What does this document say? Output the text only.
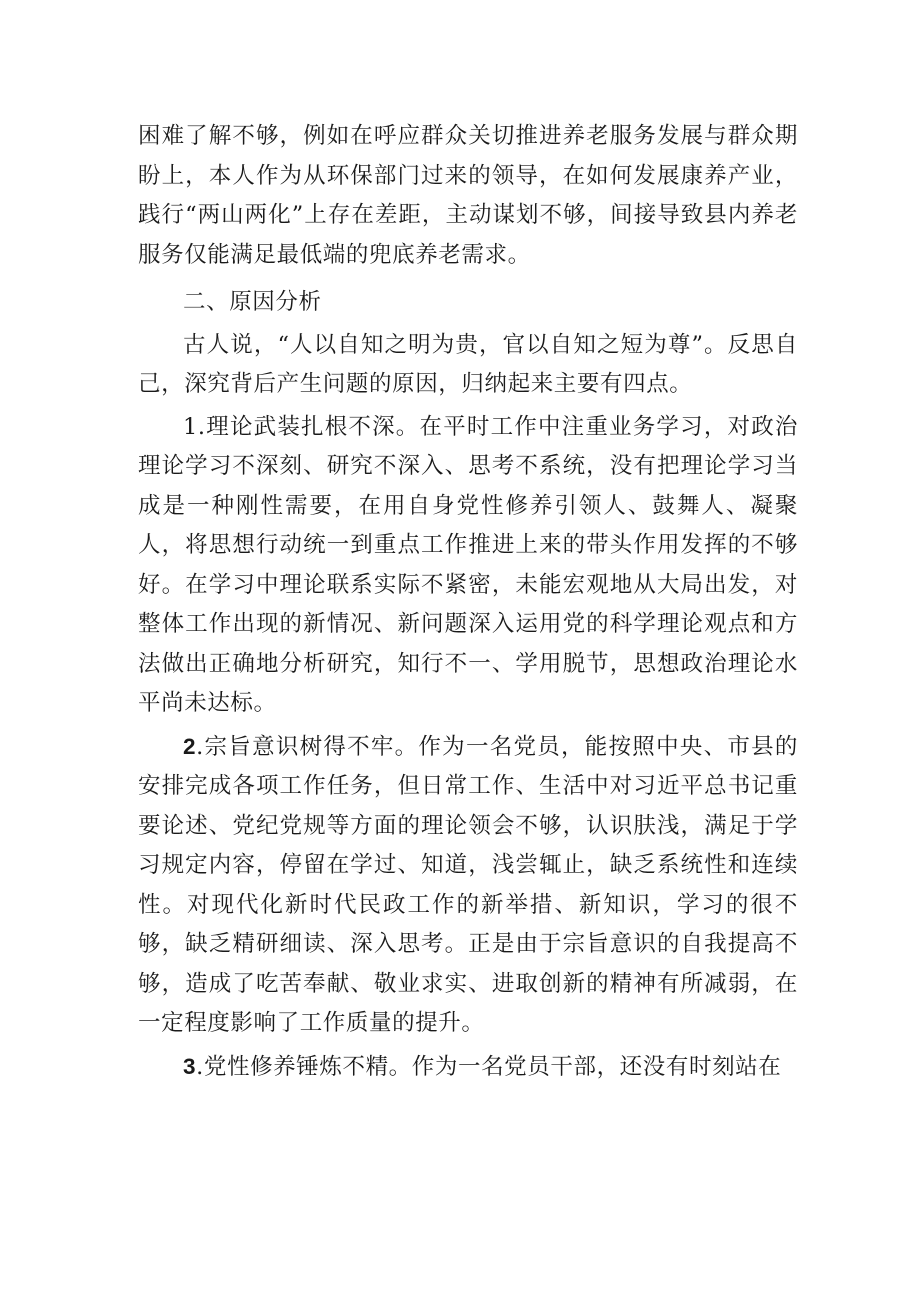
困难了解不够，例如在呼应群众关切推进养老服务发展与群众期盼上，本人作为从环保部门过来的领导，在如何发展康养产业，践行“两山两化”上存在差距，主动谋划不够，间接导致县内养老服务仅能满足最低端的兜底养老需求。

二、原因分析

古人说，“人以自知之明为贵，官以自知之短为尊”。反思自己，深究背后产生问题的原因，归纳起来主要有四点。

1.理论武装扎根不深。在平时工作中注重业务学习，对政治理论学习不深刻、研究不深入、思考不系统，没有把理论学习当成是一种刚性需要，在用自身党性修养引领人、鼓舞人、凝聚人，将思想行动统一到重点工作推进上来的带头作用发挥的不够好。在学习中理论联系实际不紧密，未能宏观地从大局出发，对整体工作出现的新情况、新问题深入运用党的科学理论观点和方法做出正确地分析研究，知行不一、学用脱节，思想政治理论水平尚未达标。

2.宗旨意识树得不牢。作为一名党员，能按照中央、市县的安排完成各项工作任务，但日常工作、生活中对习近平总书记重要论述、党纪党规等方面的理论领会不够，认识肤浅，满足于学习规定内容，停留在学过、知道，浅尝辄止，缺乏系统性和连续性。对现代化新时代民政工作的新举措、新知识，学习的很不够，缺乏精研细读、深入思考。正是由于宗旨意识的自我提高不够，造成了吃苦奉献、敬业求实、进取创新的精神有所减弱，在一定程度影响了工作质量的提升。

3.党性修养锤炼不精。作为一名党员干部，还没有时刻站在
